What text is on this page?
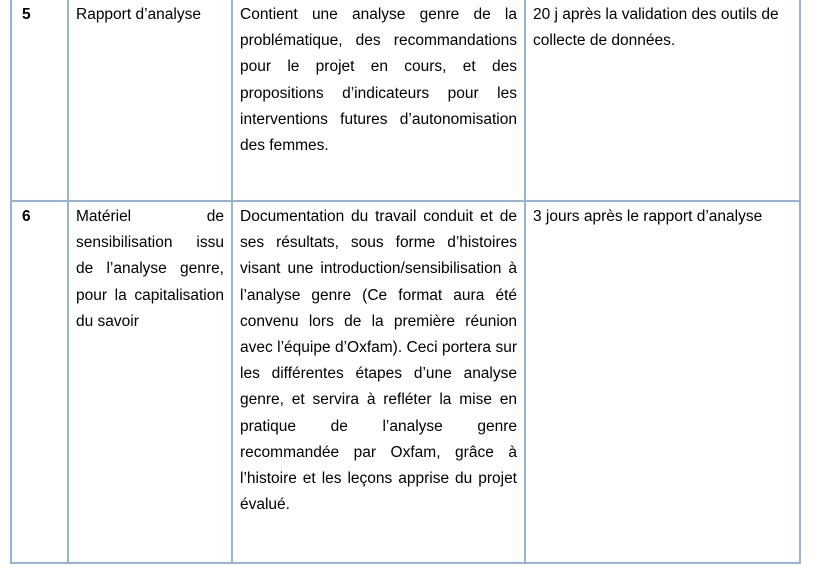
5	Rapport d’analyse	Contient une analyse genre de la problématique, des recommandations pour le projet en cours, et des propositions d’indicateurs pour les interventions futures d’autonomisation des femmes.	20 j après la validation des outils de collecte de données.
6	Matériel de sensibilisation issu de l’analyse genre, pour la capitalisation du savoir	Documentation du travail conduit et de ses résultats, sous forme d’histoires visant une introduction/sensibilisation à l’analyse genre (Ce format aura été convenu lors de la première réunion avec l’équipe d’Oxfam). Ceci portera sur les différentes étapes d’une analyse genre, et servira à refléter la mise en pratique de l’analyse genre recommandée par Oxfam, grâce à l’histoire et les leçons apprise du projet évalué.	3 jours après le rapport d’analyse
